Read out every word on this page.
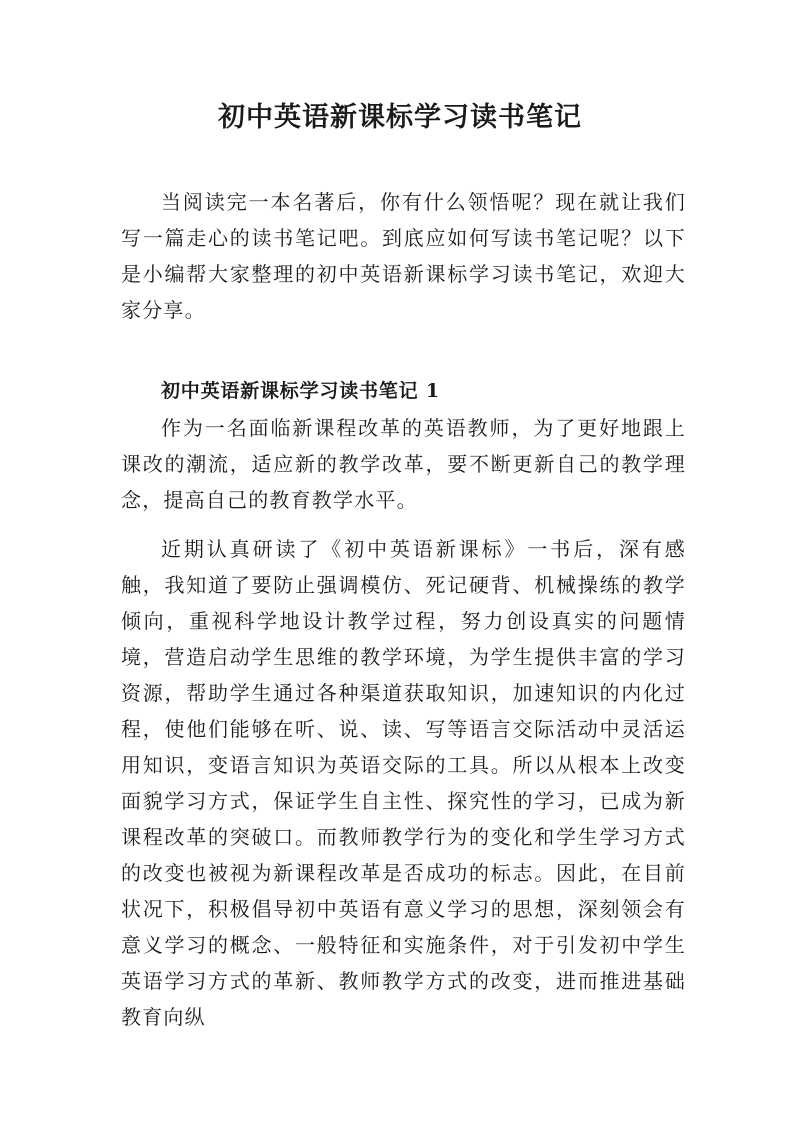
初中英语新课标学习读书笔记

当阅读完一本名著后，你有什么领悟呢？现在就让我们写一篇走心的读书笔记吧。到底应如何写读书笔记呢？以下是小编帮大家整理的初中英语新课标学习读书笔记，欢迎大家分享。

初中英语新课标学习读书笔记 1

作为一名面临新课程改革的英语教师，为了更好地跟上课改的潮流，适应新的教学改革，要不断更新自己的教学理念，提高自己的教育教学水平。

近期认真研读了《初中英语新课标》一书后，深有感触，我知道了要防止强调模仿、死记硬背、机械操练的教学倾向，重视科学地设计教学过程，努力创设真实的问题情境，营造启动学生思维的教学环境，为学生提供丰富的学习资源，帮助学生通过各种渠道获取知识，加速知识的内化过程，使他们能够在听、说、读、写等语言交际活动中灵活运用知识，变语言知识为英语交际的工具。所以从根本上改变面貌学习方式，保证学生自主性、探究性的学习，已成为新课程改革的突破口。而教师教学行为的变化和学生学习方式的改变也被视为新课程改革是否成功的标志。因此，在目前状况下，积极倡导初中英语有意义学习的思想，深刻领会有意义学习的概念、一般特征和实施条件，对于引发初中学生英语学习方式的革新、教师教学方式的改变，进而推进基础教育向纵
